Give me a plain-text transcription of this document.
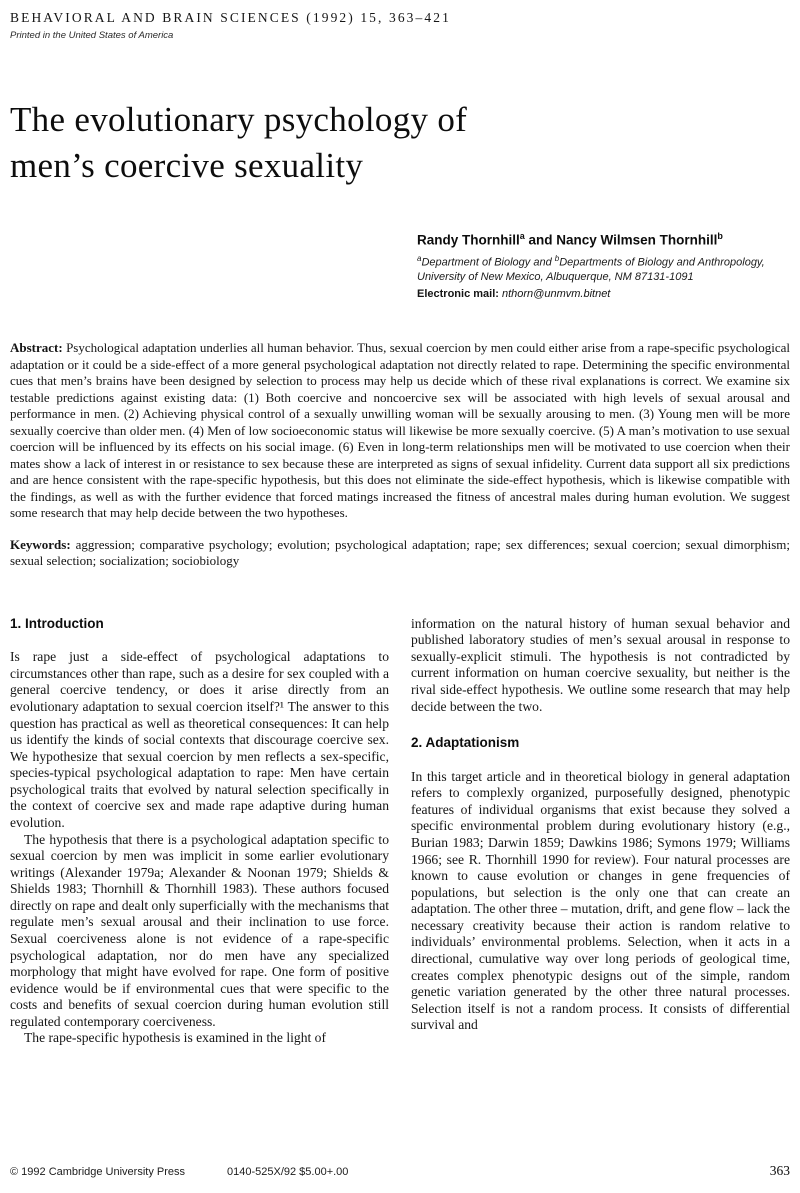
BEHAVIORAL AND BRAIN SCIENCES (1992) 15, 363–421
Printed in the United States of America
The evolutionary psychology of
men’s coercive sexuality
Randy Thornhill$^a$ and Nancy Wilmsen Thornhill$^b$
$^a$Department of Biology and $^b$Departments of Biology and Anthropology, University of New Mexico, Albuquerque, NM 87131-1091
Electronic mail: nthorn@unmvm.bitnet

Abstract: Psychological adaptation underlies all human behavior. Thus, sexual coercion by men could either arise from a rape-specific psychological adaptation or it could be a side-effect of a more general psychological adaptation not directly related to rape. Determining the specific environmental cues that men’s brains have been designed by selection to process may help us decide which of these rival explanations is correct. We examine six testable predictions against existing data: (1) Both coercive and noncoercive sex will be associated with high levels of sexual arousal and performance in men. (2) Achieving physical control of a sexually unwilling woman will be sexually arousing to men. (3) Young men will be more sexually coercive than older men. (4) Men of low socioeconomic status will likewise be more sexually coercive. (5) A man’s motivation to use sexual coercion will be influenced by its effects on his social image. (6) Even in long-term relationships men will be motivated to use coercion when their mates show a lack of interest in or resistance to sex because these are interpreted as signs of sexual infidelity. Current data support all six predictions and are hence consistent with the rape-specific hypothesis, but this does not eliminate the side-effect hypothesis, which is likewise compatible with the findings, as well as with the further evidence that forced matings increased the fitness of ancestral males during human evolution. We suggest some research that may help decide between the two hypotheses.

Keywords: aggression; comparative psychology; evolution; psychological adaptation; rape; sex differences; sexual coercion; sexual dimorphism; sexual selection; socialization; sociobiology

1. Introduction

Is rape just a side-effect of psychological adaptations to circumstances other than rape, such as a desire for sex coupled with a general coercive tendency, or does it arise directly from an evolutionary adaptation to sexual coercion itself?¹ The answer to this question has practical as well as theoretical consequences: It can help us identify the kinds of social contexts that discourage coercive sex. We hypothesize that sexual coercion by men reflects a sex-specific, species-typical psychological adaptation to rape: Men have certain psychological traits that evolved by natural selection specifically in the context of coercive sex and made rape adaptive during human evolution.

The hypothesis that there is a psychological adaptation specific to sexual coercion by men was implicit in some earlier evolutionary writings (Alexander 1979a; Alexander & Noonan 1979; Shields & Shields 1983; Thornhill & Thornhill 1983). These authors focused directly on rape and dealt only superficially with the mechanisms that regulate men’s sexual arousal and their inclination to use force. Sexual coerciveness alone is not evidence of a rape-specific psychological adaptation, nor do men have any specialized morphology that might have evolved for rape. One form of positive evidence would be if environmental cues that were specific to the costs and benefits of sexual coercion during human evolution still regulated contemporary coerciveness.

The rape-specific hypothesis is examined in the light of

information on the natural history of human sexual behavior and published laboratory studies of men’s sexual arousal in response to sexually-explicit stimuli. The hypothesis is not contradicted by current information on human coercive sexuality, but neither is the rival side-effect hypothesis. We outline some research that may help decide between the two.

2. Adaptationism

In this target article and in theoretical biology in general adaptation refers to complexly organized, purposefully designed, phenotypic features of individual organisms that exist because they solved a specific environmental problem during evolutionary history (e.g., Burian 1983; Darwin 1859; Dawkins 1986; Symons 1979; Williams 1966; see R. Thornhill 1990 for review). Four natural processes are known to cause evolution or changes in gene frequencies of populations, but selection is the only one that can create an adaptation. The other three – mutation, drift, and gene flow – lack the necessary creativity because their action is random relative to individuals’ environmental problems. Selection, when it acts in a directional, cumulative way over long periods of geological time, creates complex phenotypic designs out of the simple, random genetic variation generated by the other three natural processes. Selection itself is not a random process. It consists of differential survival and

© 1992 Cambridge University Press	0140-525X/92 $5.00+.00	363
